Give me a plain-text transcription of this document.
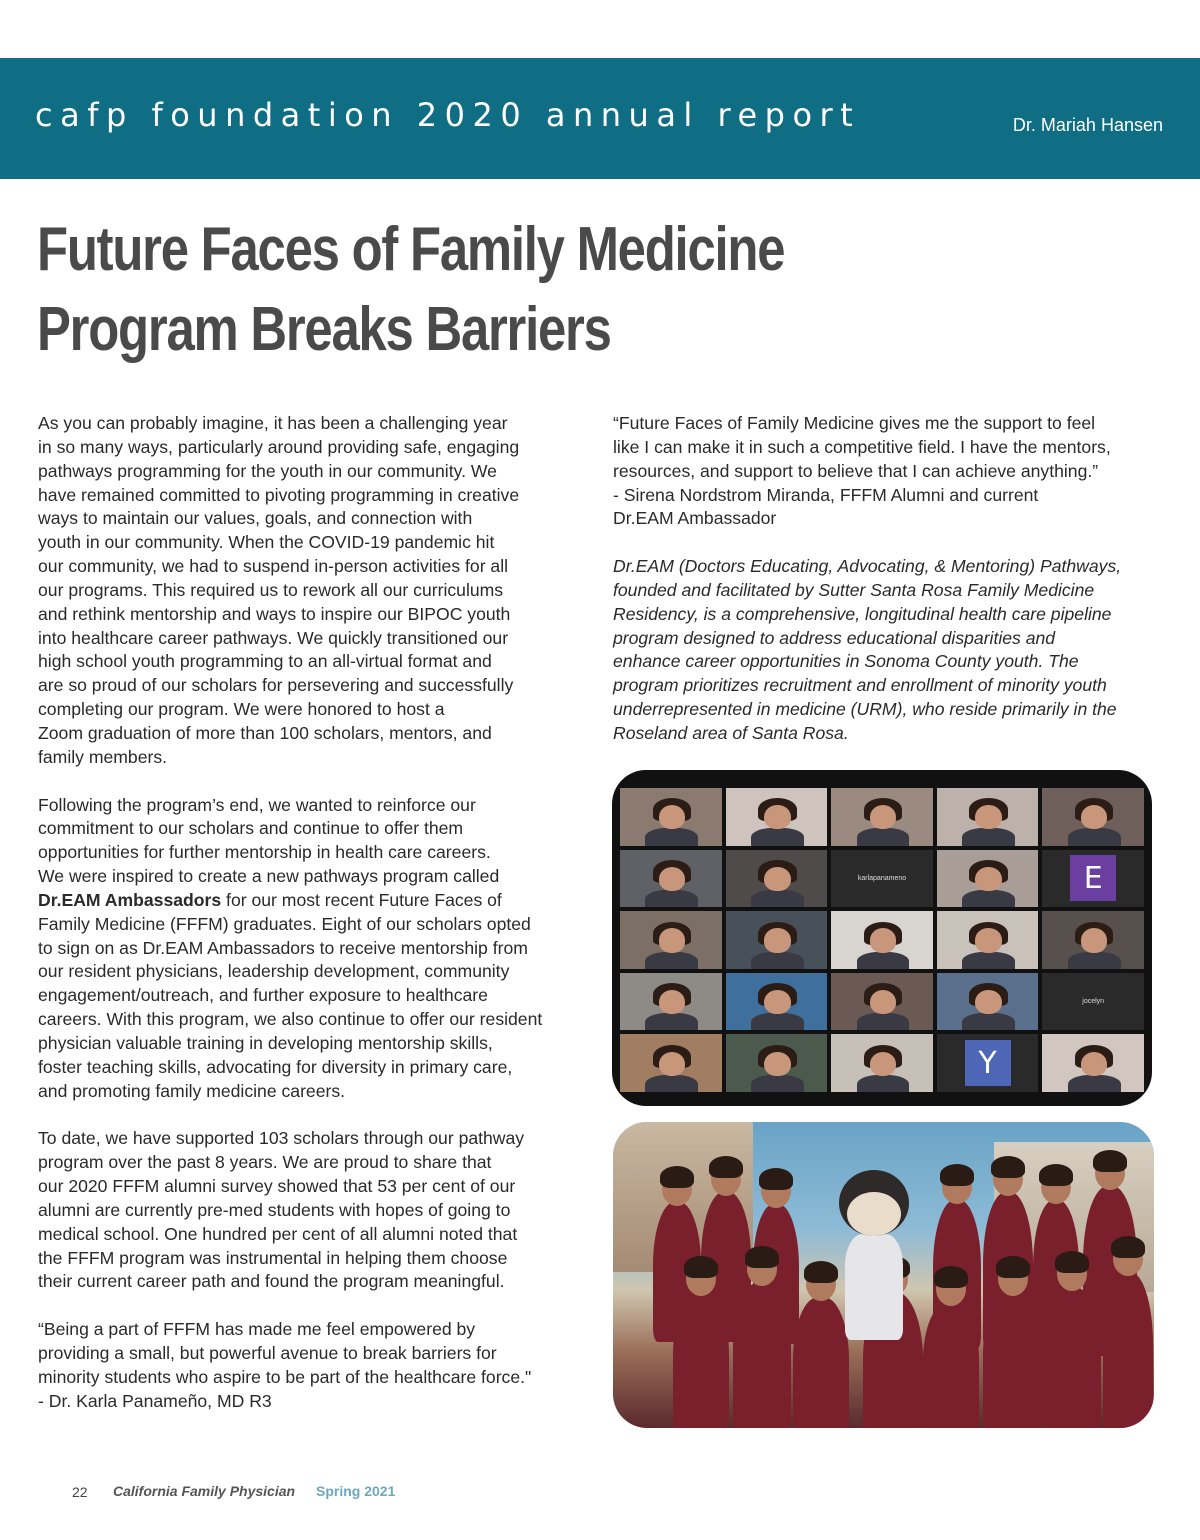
cafp foundation 2020 annual report	Dr. Mariah Hansen
Future Faces of Family Medicine
Program Breaks Barriers

As you can probably imagine, it has been a challenging year
in so many ways, particularly around providing safe, engaging
pathways programming for the youth in our community. We
have remained committed to pivoting programming in creative
ways to maintain our values, goals, and connection with
youth in our community. When the COVID-19 pandemic hit
our community, we had to suspend in-person activities for all
our programs. This required us to rework all our curriculums
and rethink mentorship and ways to inspire our BIPOC youth
into healthcare career pathways. We quickly transitioned our
high school youth programming to an all-virtual format and
are so proud of our scholars for persevering and successfully
completing our program. We were honored to host a
Zoom graduation of more than 100 scholars, mentors, and
family members.

Following the program’s end, we wanted to reinforce our
commitment to our scholars and continue to offer them
opportunities for further mentorship in health care careers.
We were inspired to create a new pathways program called
Dr.EAM Ambassadors for our most recent Future Faces of
Family Medicine (FFFM) graduates. Eight of our scholars opted
to sign on as Dr.EAM Ambassadors to receive mentorship from
our resident physicians, leadership development, community
engagement/outreach, and further exposure to healthcare
careers. With this program, we also continue to offer our resident
physician valuable training in developing mentorship skills,
foster teaching skills, advocating for diversity in primary care,
and promoting family medicine careers.

To date, we have supported 103 scholars through our pathway
program over the past 8 years. We are proud to share that
our 2020 FFFM alumni survey showed that 53 per cent of our
alumni are currently pre-med students with hopes of going to
medical school. One hundred per cent of all alumni noted that
the FFFM program was instrumental in helping them choose
their current career path and found the program meaningful.

“Being a part of FFFM has made me feel empowered by
providing a small, but powerful avenue to break barriers for
minority students who aspire to be part of the healthcare force."
- Dr. Karla Panameño, MD R3

“Future Faces of Family Medicine gives me the support to feel
like I can make it in such a competitive field. I have the mentors,
resources, and support to believe that I can achieve anything.”
- Sirena Nordstrom Miranda, FFFM Alumni and current
Dr.EAM Ambassador

Dr.EAM (Doctors Educating, Advocating, & Mentoring) Pathways,
founded and facilitated by Sutter Santa Rosa Family Medicine
Residency, is a comprehensive, longitudinal health care pipeline
program designed to address educational disparities and
enhance career opportunities in Sonoma County youth. The
program prioritizes recruitment and enrollment of minority youth
underrepresented in medicine (URM), who reside primarily in the
Roseland area of Santa Rosa.

karlapanameno	E
jocelyn
Y
22 California Family Physician Spring 2021
